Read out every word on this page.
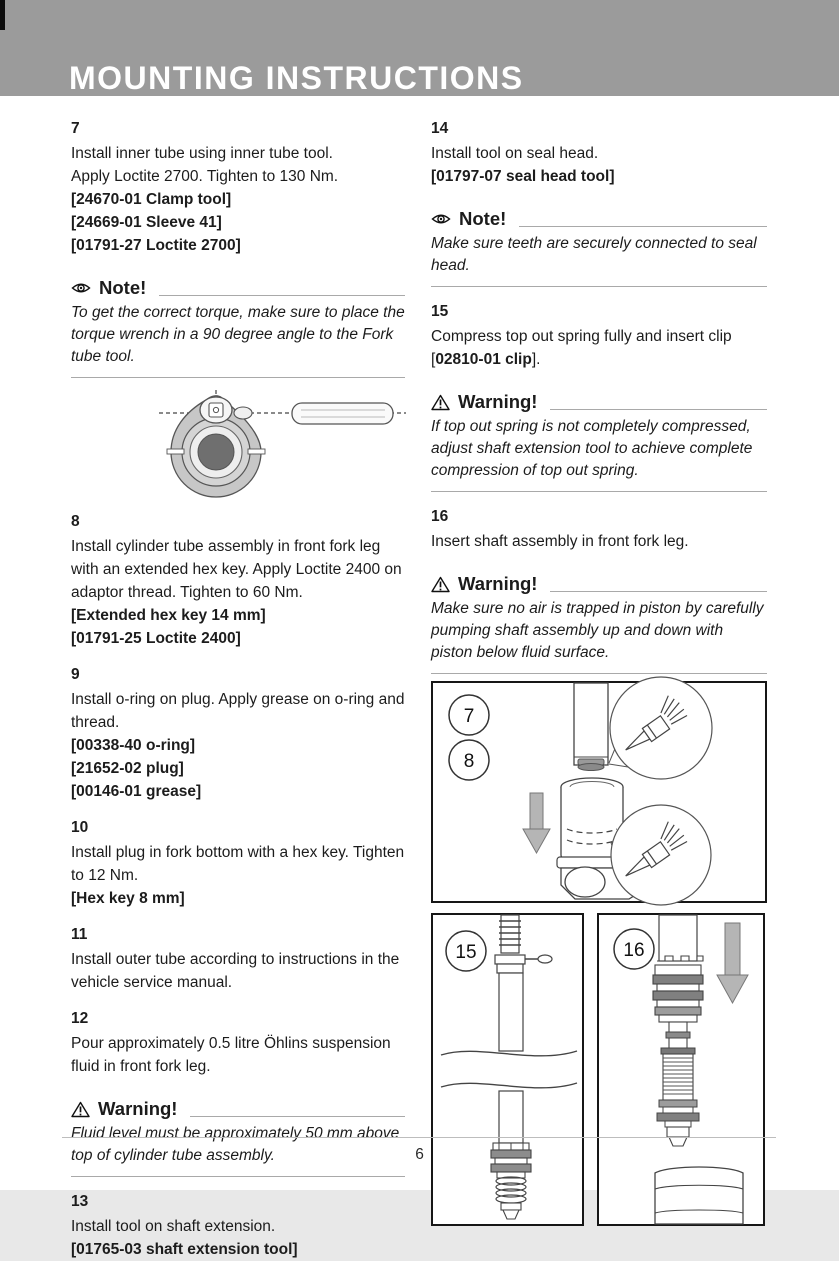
MOUNTING INSTRUCTIONS
7

Install inner tube using inner tube tool.

Apply Loctite 2700. Tighten to 130 Nm.

[24670-01 Clamp tool]

[24669-01 Sleeve 41]

[01791-27 Loctite 2700]

Note!

To get the correct torque, make sure to place the torque wrench in a 90 degree angle to the Fork tube tool.

8

Install cylinder tube assembly in front fork leg with an extended hex key. Apply Loctite 2400 on adaptor thread. Tighten to 60 Nm.

[Extended hex key 14 mm]

[01791-25 Loctite 2400]

9

Install o-ring on plug. Apply grease on o-ring and thread.

[00338-40 o-ring]

[21652-02 plug]

[00146-01 grease]

10

Install plug in fork bottom with a hex key. Tighten to 12 Nm.

[Hex key 8 mm]

11

Install outer tube according to instructions in the vehicle service manual.

12

Pour approximately 0.5 litre Öhlins suspension fluid in front fork leg.

Warning!

Fluid level must be approximately 50 mm above top of cylinder tube assembly.

13

Install tool on shaft extension.

[01765-03 shaft extension tool]

14

Install tool on seal head.

[01797-07 seal head tool]

Note!

Make sure teeth are securely connected to seal head.

15

Compress top out spring fully and insert clip

[02810-01 clip].

Warning!

If top out spring is not completely compressed, adjust shaft extension tool to achieve complete compression of top out spring.

16

Insert shaft assembly in front fork leg.

Warning!

Make sure no air is trapped in piston by carefully pumping shaft assembly up and down with piston below fluid surface.

7
8
15	16
6
